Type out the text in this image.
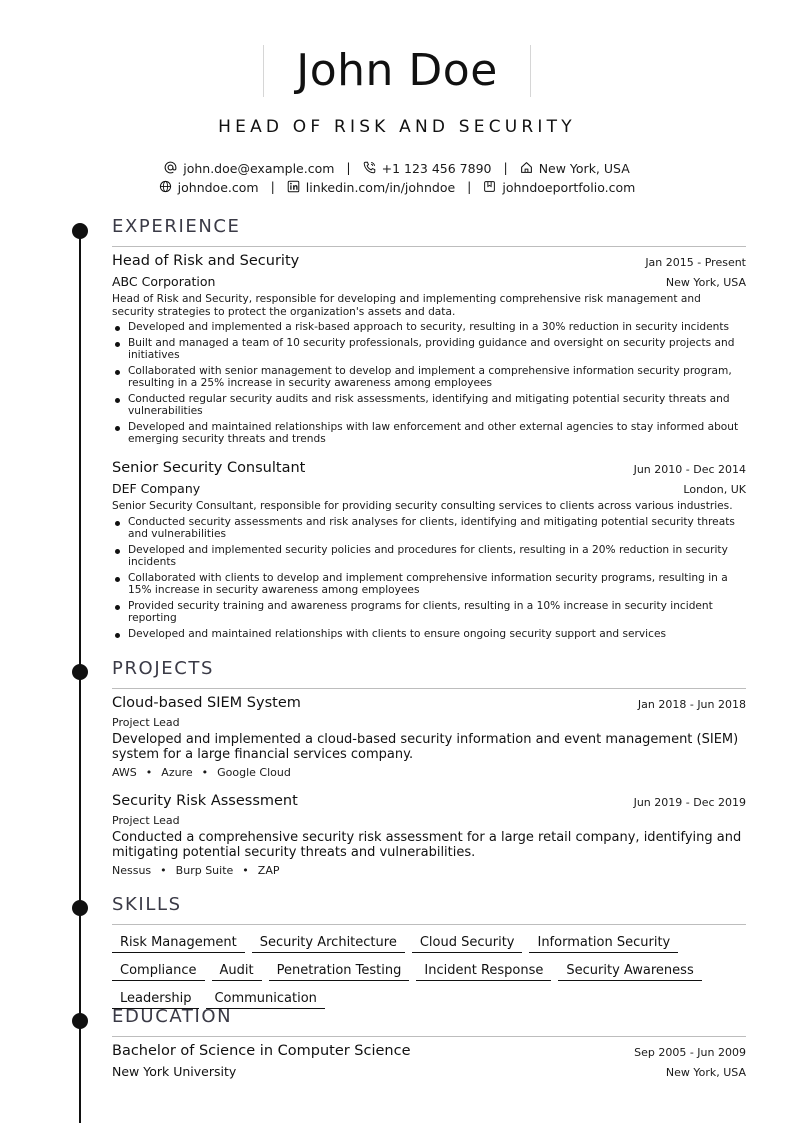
John Doe
HEAD OF RISK AND SECURITY
john.doe@example.com | +1 123 456 7890 | New York, USA
johndoe.com | linkedin.com/in/johndoe | johndoeportfolio.com
EXPERIENCE
Head of Risk and Security	Jan 2015 - Present
ABC Corporation	New York, USA
Head of Risk and Security, responsible for developing and implementing comprehensive risk management and security strategies to protect the organization's assets and data.
Developed and implemented a risk-based approach to security, resulting in a 30% reduction in security incidents
Built and managed a team of 10 security professionals, providing guidance and oversight on security projects and initiatives
Collaborated with senior management to develop and implement a comprehensive information security program, resulting in a 25% increase in security awareness among employees
Conducted regular security audits and risk assessments, identifying and mitigating potential security threats and vulnerabilities
Developed and maintained relationships with law enforcement and other external agencies to stay informed about emerging security threats and trends
Senior Security Consultant	Jun 2010 - Dec 2014
DEF Company	London, UK
Senior Security Consultant, responsible for providing security consulting services to clients across various industries.
Conducted security assessments and risk analyses for clients, identifying and mitigating potential security threats and vulnerabilities
Developed and implemented security policies and procedures for clients, resulting in a 20% reduction in security incidents
Collaborated with clients to develop and implement comprehensive information security programs, resulting in a 15% increase in security awareness among employees
Provided security training and awareness programs for clients, resulting in a 10% increase in security incident reporting
Developed and maintained relationships with clients to ensure ongoing security support and services
PROJECTS
Cloud-based SIEM System	Jan 2018 - Jun 2018
Project Lead
Developed and implemented a cloud-based security information and event management (SIEM) system for a large financial services company.
AWS • Azure • Google Cloud
Security Risk Assessment	Jun 2019 - Dec 2019
Project Lead
Conducted a comprehensive security risk assessment for a large retail company, identifying and mitigating potential security threats and vulnerabilities.
Nessus • Burp Suite • ZAP
SKILLS
Risk Management Security Architecture Cloud Security Information SecurityCompliance Audit Penetration Testing Incident Response Security AwarenessLeadership Communication
EDUCATION
Bachelor of Science in Computer Science	Sep 2005 - Jun 2009
New York University	New York, USA
